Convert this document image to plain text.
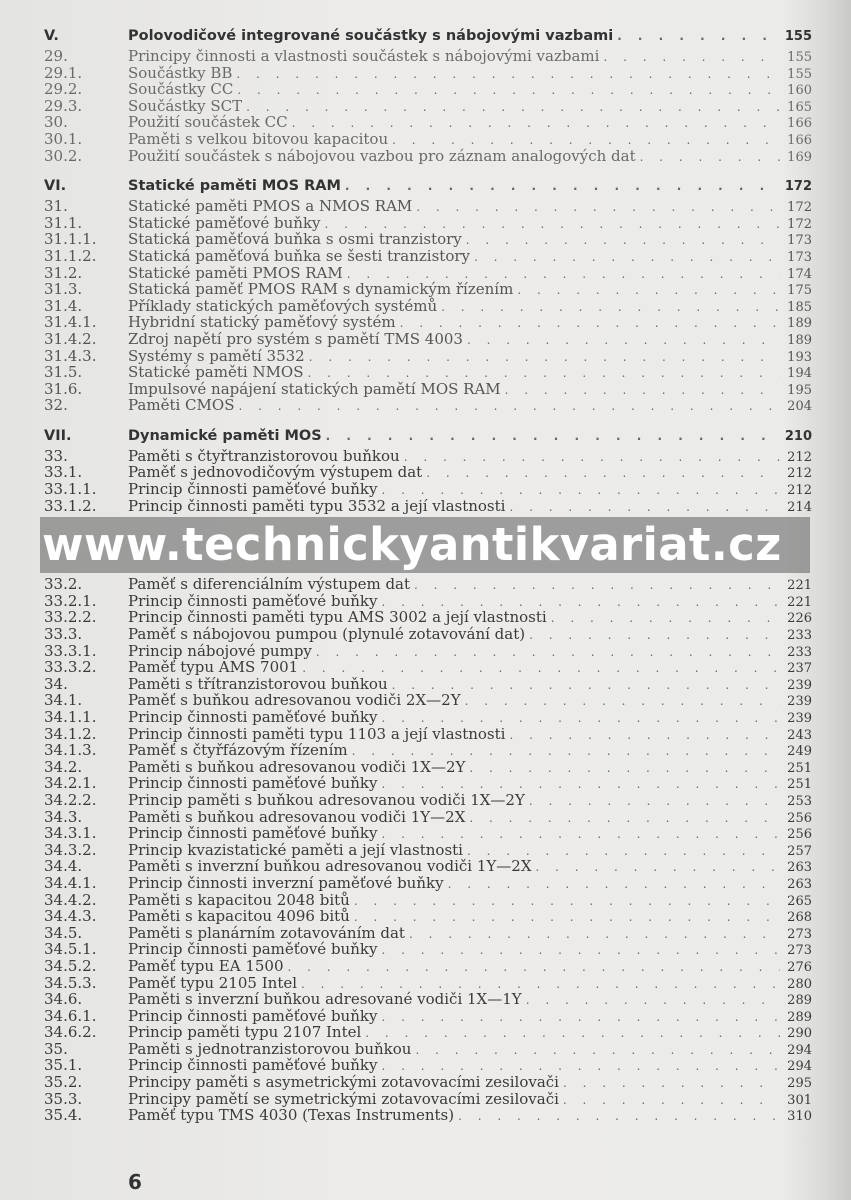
V.	Polovodičové integrované součástky s nábojovými vazbami . . .	155
29.	Principy činnosti a vlastnosti součástek s nábojovými vazbami . . .	155
29.1.	Součástky BB . . .	155
29.2.	Součástky CC . . .	160
29.3.	Součástky SCT . . .	165
30.	Použití součástek CC . . .	166
30.1.	Paměti s velkou bitovou kapacitou . . .	166
30.2.	Použití součástek s nábojovou vazbou pro záznam analogových dat . . .	169
VI.	Statické paměti MOS RAM . . .	172
31.	Statické paměti PMOS a NMOS RAM . . .	172
31.1.	Statické paměťové buňky . . .	172
31.1.1.	Statická paměťová buňka s osmi tranzistory . . .	173
31.1.2.	Statická paměťová buňka se šesti tranzistory . . .	173
31.2.	Statické paměti PMOS RAM . . .	174
31.3.	Statická paměť PMOS RAM s dynamickým řízením . . .	175
31.4.	Příklady statických paměťových systémů . . .	185
31.4.1.	Hybridní statický paměťový systém . . .	189
31.4.2.	Zdroj napětí pro systém s pamětí TMS 4003 . . .	189
31.4.3.	Systémy s pamětí 3532 . . .	193
31.5.	Statické paměti NMOS . . .	194
31.6.	Impulsové napájení statických pamětí MOS RAM . . .	195
32.	Paměti CMOS . . .	204
VII.	Dynamické paměti MOS . . .	210
33.	Paměti s čtyřtranzistorovou buňkou . . .	212
33.1.	Paměť s jednovodičovým výstupem dat . . .	212
33.1.1.	Princip činnosti paměťové buňky . . .	212
33.1.2.	Princip činnosti paměti typu 3532 a její vlastnosti . . .	214
www.technickyantikvariat.cz
33.2.	Paměť s diferenciálním výstupem dat . . .	221
33.2.1.	Princip činnosti paměťové buňky . . .	221
33.2.2.	Princip činnosti paměti typu AMS 3002 a její vlastnosti . . .	226
33.3.	Paměť s nábojovou pumpou (plynulé zotavování dat) . . .	233
33.3.1.	Princip nábojové pumpy . . .	233
33.3.2.	Paměť typu AMS 7001 . . .	237
34.	Paměti s třítranzistorovou buňkou . . .	239
34.1.	Paměť s buňkou adresovanou vodiči 2X—2Y . . .	239
34.1.1.	Princip činnosti paměťové buňky . . .	239
34.1.2.	Princip činnosti paměti typu 1103 a její vlastnosti . . .	243
34.1.3.	Paměť s čtyřfázovým řízením . . .	249
34.2.	Paměti s buňkou adresovanou vodiči 1X—2Y . . .	251
34.2.1.	Princip činnosti paměťové buňky . . .	251
34.2.2.	Princip paměti s buňkou adresovanou vodiči 1X—2Y . . .	253
34.3.	Paměti s buňkou adresovanou vodiči 1Y—2X . . .	256
34.3.1.	Princip činnosti paměťové buňky . . .	256
34.3.2.	Princip kvazistatické paměti a její vlastnosti . . .	257
34.4.	Paměti s inverzní buňkou adresovanou vodiči 1Y—2X . . .	263
34.4.1.	Princip činnosti inverzní paměťové buňky . . .	263
34.4.2.	Paměti s kapacitou 2048 bitů . . .	265
34.4.3.	Paměti s kapacitou 4096 bitů . . .	268
34.5.	Paměti s planárním zotavováním dat . . .	273
34.5.1.	Princip činnosti paměťové buňky . . .	273
34.5.2.	Paměť typu EA 1500 . . .	276
34.5.3.	Paměť typu 2105 Intel . . .	280
34.6.	Paměti s inverzní buňkou adresované vodiči 1X—1Y . . .	289
34.6.1.	Princip činnosti paměťové buňky . . .	289
34.6.2.	Princip paměti typu 2107 Intel . . .	290
35.	Paměti s jednotranzistorovou buňkou . . .	294
35.1.	Princip činnosti paměťové buňky . . .	294
35.2.	Principy paměti s asymetrickými zotavovacími zesilovači . . .	295
35.3.	Principy pamětí se symetrickými zotavovacími zesilovači . . .	301
35.4.	Paměť typu TMS 4030 (Texas Instruments) . . .	310
6
